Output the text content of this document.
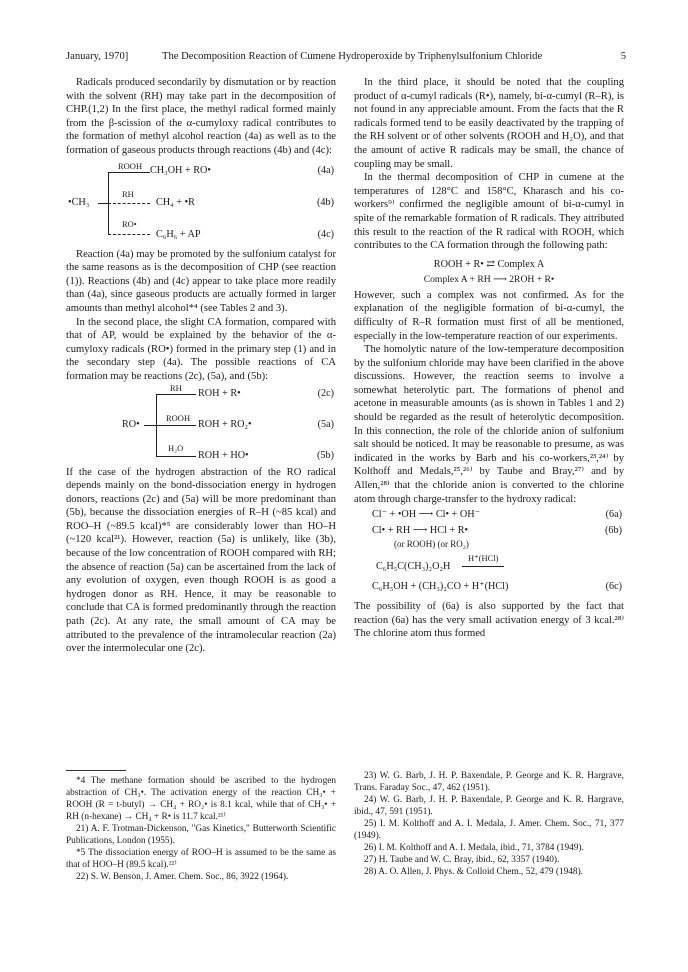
January, 1970]	The Decomposition Reaction of Cumene Hydroperoxide by Triphenylsulfonium Chloride	5

Radicals produced secondarily by dismutation or by reaction with the solvent (RH) may take part in the decomposition of CHP.(1,2) In the first place, the methyl radical formed mainly from the β-scission of the α-cumyloxy radical contributes to the formation of methyl alcohol reaction (4a) as well as to the formation of gaseous products through reactions (4b) and (4c):

•CH₃
ROOH CH₃OH + RO•	(4a)
RH
CH₄ + •R	(4b)
RO•
C₆H₆ + AP	(4c)

Reaction (4a) may be promoted by the sulfonium catalyst for the same reasons as is the decomposition of CHP (see reaction (1)). Reactions (4b) and (4c) appear to take place more readily than (4a), since gaseous products are actually formed in larger amounts than methyl alcohol*⁴ (see Tables 2 and 3).

In the second place, the slight CA formation, compared with that of AP, would be explained by the behavior of the α-cumyloxy radicals (RO•) formed in the primary step (1) and in the secondary step (4a). The possible reactions of CA formation may be reactions (2c), (5a), and (5b):

RO•
RH ROH + R•	(2c)
ROOH
ROH + RO₂•	(5a)
H₂O
ROH + HO•	(5b)

If the case of the hydrogen abstraction of the RO radical depends mainly on the bond-dissociation energy in hydrogen donors, reactions (2c) and (5a) will be more predominant than (5b), because the dissociation energies of R–H (~85 kcal) and ROO–H (~89.5 kcal)*⁵ are considerably lower than HO–H (~120 kcal²¹). However, reaction (5a) is unlikely, like (3b), because of the low concentration of ROOH compared with RH; the absence of reaction (5a) can be ascertained from the lack of any evolution of oxygen, even though ROOH is as good a hydrogen donor as RH. Hence, it may be reasonable to conclude that CA is formed predominantly through the reaction path (2c). At any rate, the small amount of CA may be attributed to the prevalence of the intramolecular reaction (2a) over the intermolecular one (2c).

*4 The methane formation should be ascribed to the hydrogen abstraction of CH₃•. The activation energy of the reaction CH₃• + ROOH (R = t-butyl) → CH₄ + RO₂• is 8.1 kcal, while that of CH₃• + RH (n-hexane) → CH₄ + R• is 11.7 kcal.²¹⁾

21) A. F. Trotman-Dickenson, "Gas Kinetics," Butterworth Scientific Publications, London (1955).

*5 The dissociation energy of ROO–H is assumed to be the same as that of HOO–H (89.5 kcal).²²⁾

22) S. W. Benson, J. Amer. Chem. Soc., 86, 3922 (1964).

In the third place, it should be noted that the coupling product of α-cumyl radicals (R•), namely, bi-α-cumyl (R–R), is not found in any appreciable amount. From the facts that the R radicals formed tend to be easily deactivated by the trapping of the RH solvent or of other solvents (ROOH and H₂O), and that the amount of active R radicals may be small, the chance of coupling may be small.

In the thermal decomposition of CHP in cumene at the temperatures of 128°C and 158°C, Kharasch and his co-workers⁹⁾ confirmed the negligible amount of bi-α-cumyl in spite of the remarkable formation of R radicals. They attributed this result to the reaction of the R radical with ROOH, which contributes to the CA formation through the following path:

ROOH + R• ⇄ Complex A
Complex A + RH ⟶ 2ROH + R•

However, such a complex was not confirmed. As for the explanation of the negligible formation of bi-α-cumyl, the difficulty of R–R formation must first of all be mentioned, especially in the low-temperature reaction of our experiments.

The homolytic nature of the low-temperature decomposition by the sulfonium chloride may have been clarified in the above discussions. However, the reaction seems to involve a somewhat heterolytic part. The formations of phenol and acetone in measurable amounts (as is shown in Tables 1 and 2) should be regarded as the result of heterolytic decomposition. In this connection, the role of the chloride anion of sulfonium salt should be noticed. It may be reasonable to presume, as was indicated in the works by Barb and his co-workers,²³,²⁴⁾ by Kolthoff and Medals,²⁵,²⁶⁾ by Taube and Bray,²⁷⁾ and by Allen,²⁸⁾ that the chloride anion is converted to the chlorine atom through charge-transfer to the hydroxy radical:

Cl⁻ + •OH ⟶ Cl• + OH⁻	(6a)
Cl• + RH ⟶ HCl + R•	(6b)
(or ROOH) (or RO₂)
C₆H₅C(CH₃)₂O₂H
H⁺(HCl)
C₆H₅OH + (CH₃)₂CO + H⁺(HCl)	(6c)

The possibility of (6a) is also supported by the fact that reaction (6a) has the very small activation energy of 3 kcal.²⁸⁾ The chlorine atom thus formed

23) W. G. Barb, J. H. P. Baxendale, P. George and K. R. Hargrave, Trans. Faraday Soc., 47, 462 (1951).

24) W. G. Barb, J. H. P. Baxendale, P. George and K. R. Hargrave, ibid., 47, 591 (1951).

25) I. M. Kolthoff and A. I. Medala, J. Amer. Chem. Soc., 71, 377 (1949).

26) I. M. Kolthoff and A. I. Medala, ibid., 71, 3784 (1949).

27) H. Taube and W. C. Bray, ibid., 62, 3357 (1940).

28) A. O. Allen, J. Phys. & Colloid Chem., 52, 479 (1948).
